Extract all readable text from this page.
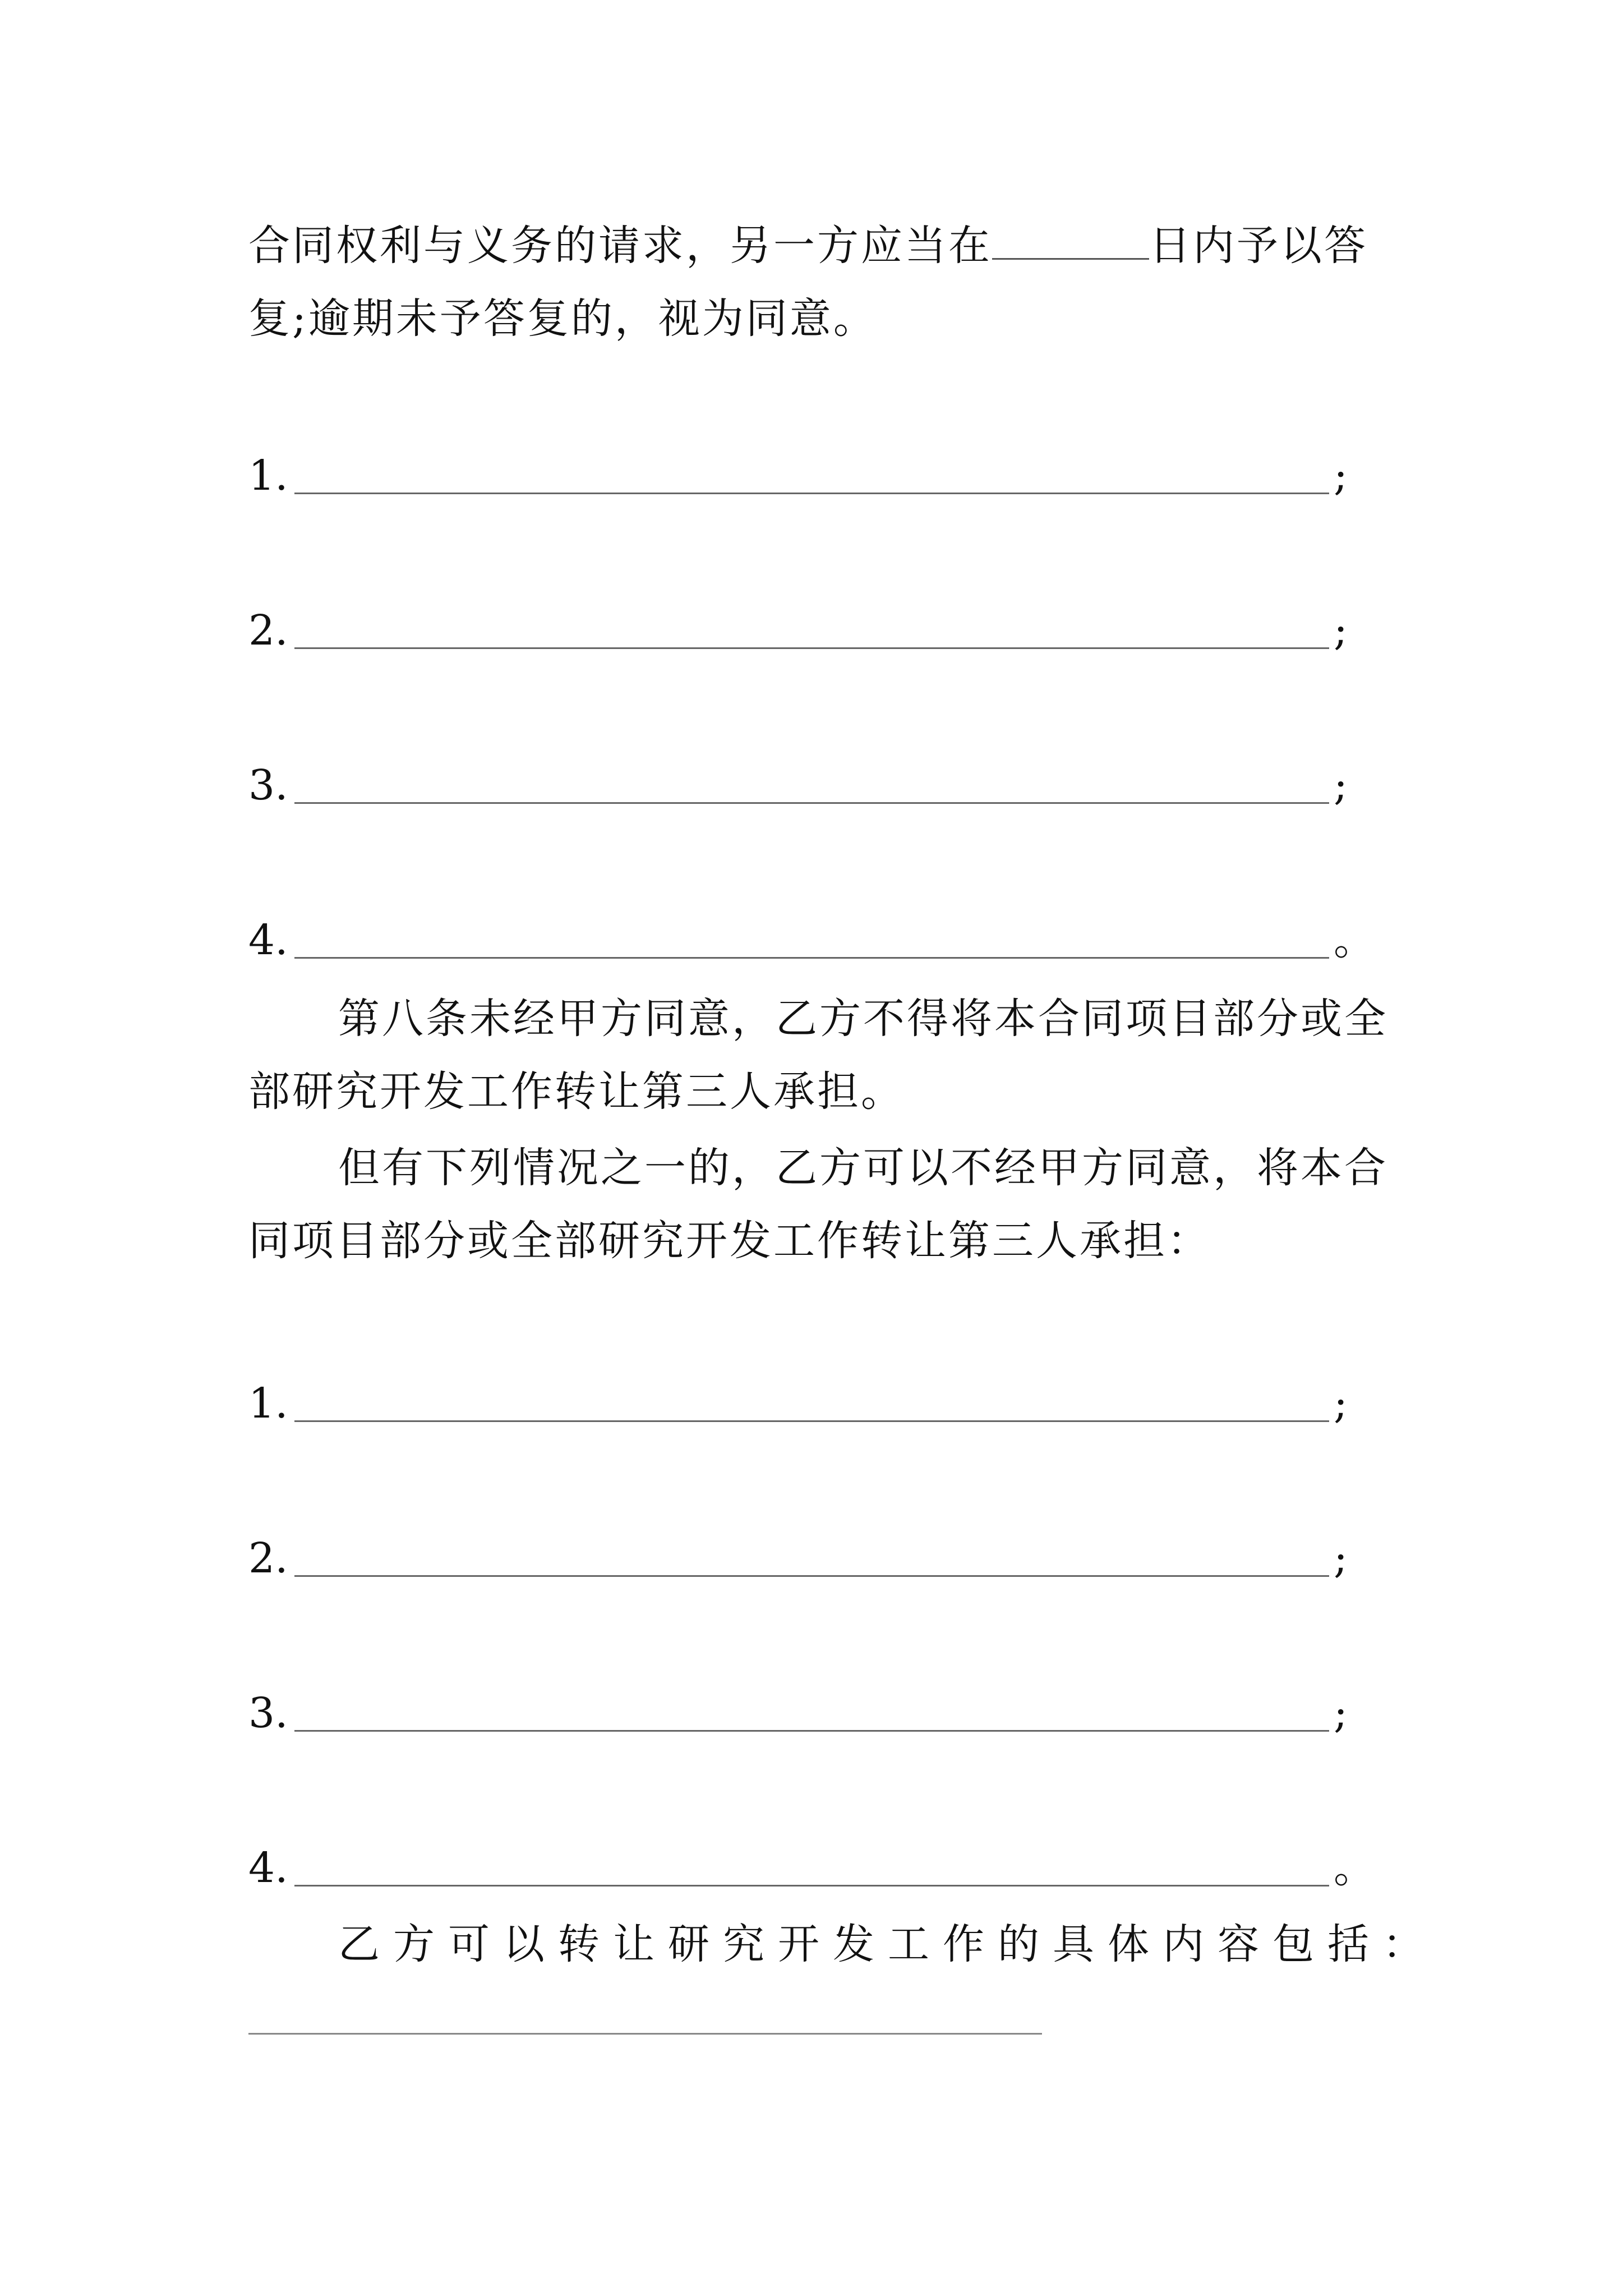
合同权利与义务的请求，另一方应当在	日内予以答
复;逾期未予答复的，视为同意。
1.	;
2.	;
3.	;
4.	。
第八条未经甲方同意，乙方不得将本合同项目部分或全
部研究开发工作转让第三人承担。
但有下列情况之一的，乙方可以不经甲方同意，将本合
同项目部分或全部研究开发工作转让第三人承担：
1.	;
2.	;
3.	;
4.	。
乙方可以转让研究开发工作的具体内容包括：
